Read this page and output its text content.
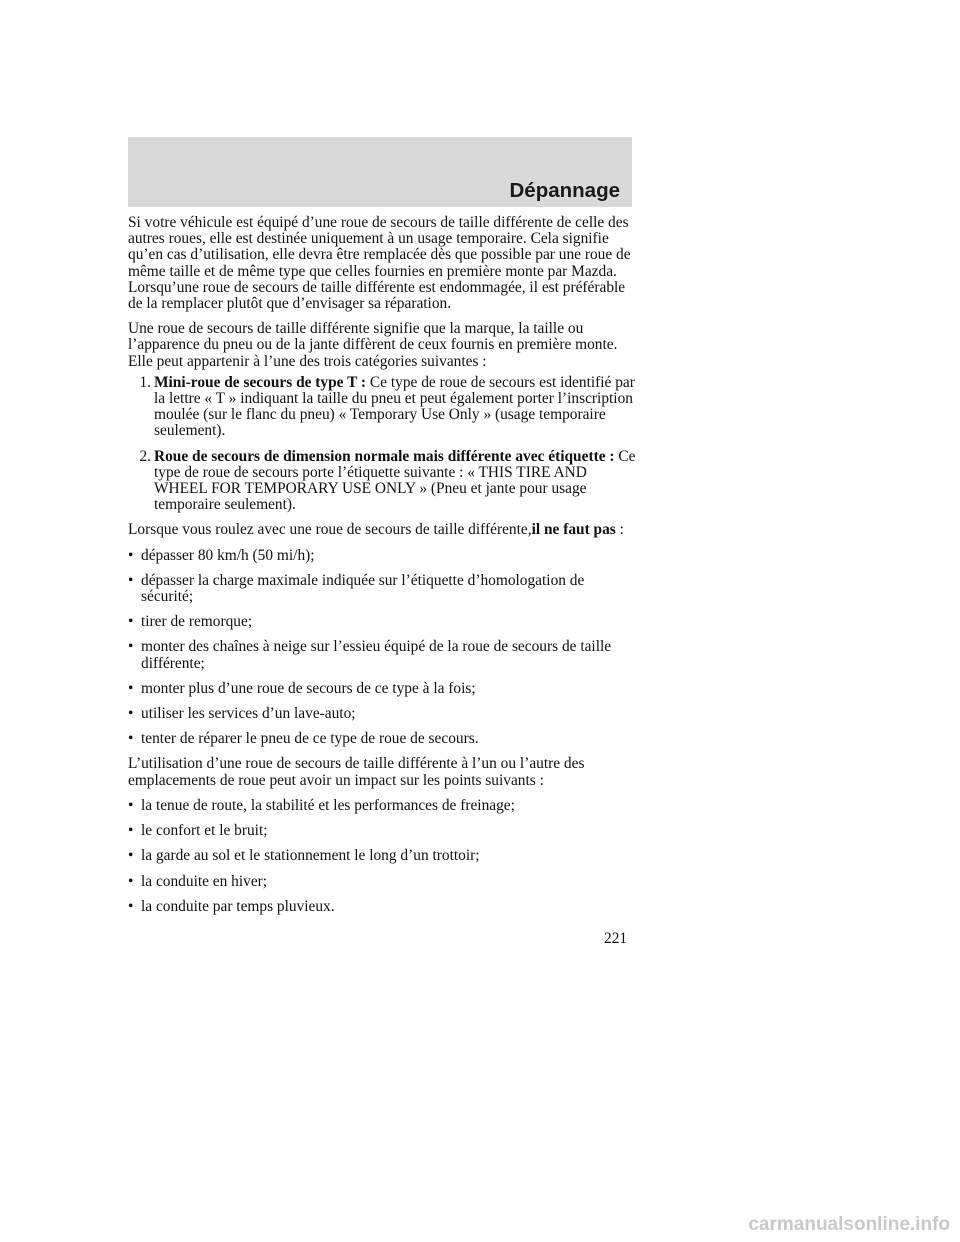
Dépannage

Si votre véhicule est équipé d’une roue de secours de taille différente de celle des autres roues, elle est destinée uniquement à un usage temporaire. Cela signifie qu’en cas d’utilisation, elle devra être remplacée dès que possible par une roue de même taille et de même type que celles fournies en première monte par Mazda. Lorsqu’une roue de secours de taille différente est endommagée, il est préférable de la remplacer plutôt que d’envisager sa réparation.

Une roue de secours de taille différente signifie que la marque, la taille ou l’apparence du pneu ou de la jante diffèrent de ceux fournis en première monte. Elle peut appartenir à l’une des trois catégories suivantes :

1. Mini-roue de secours de type T : Ce type de roue de secours est identifié par la lettre « T » indiquant la taille du pneu et peut également porter l’inscription moulée (sur le flanc du pneu) « Temporary Use Only » (usage temporaire seulement).
2. Roue de secours de dimension normale mais différente avec étiquette : Ce type de roue de secours porte l’étiquette suivante : « THIS TIRE AND WHEEL FOR TEMPORARY USE ONLY » (Pneu et jante pour usage temporaire seulement).

Lorsque vous roulez avec une roue de secours de taille différente,il ne faut pas :

• dépasser 80 km/h (50 mi/h);
• dépasser la charge maximale indiquée sur l’étiquette d’homologation de sécurité;
• tirer de remorque;
• monter des chaînes à neige sur l’essieu équipé de la roue de secours de taille différente;
• monter plus d’une roue de secours de ce type à la fois;
• utiliser les services d’un lave-auto;
• tenter de réparer le pneu de ce type de roue de secours.

L’utilisation d’une roue de secours de taille différente à l’un ou l’autre des emplacements de roue peut avoir un impact sur les points suivants :

• la tenue de route, la stabilité et les performances de freinage;
• le confort et le bruit;
• la garde au sol et le stationnement le long d’un trottoir;
• la conduite en hiver;
• la conduite par temps pluvieux.
221
carmanualsonline.info
